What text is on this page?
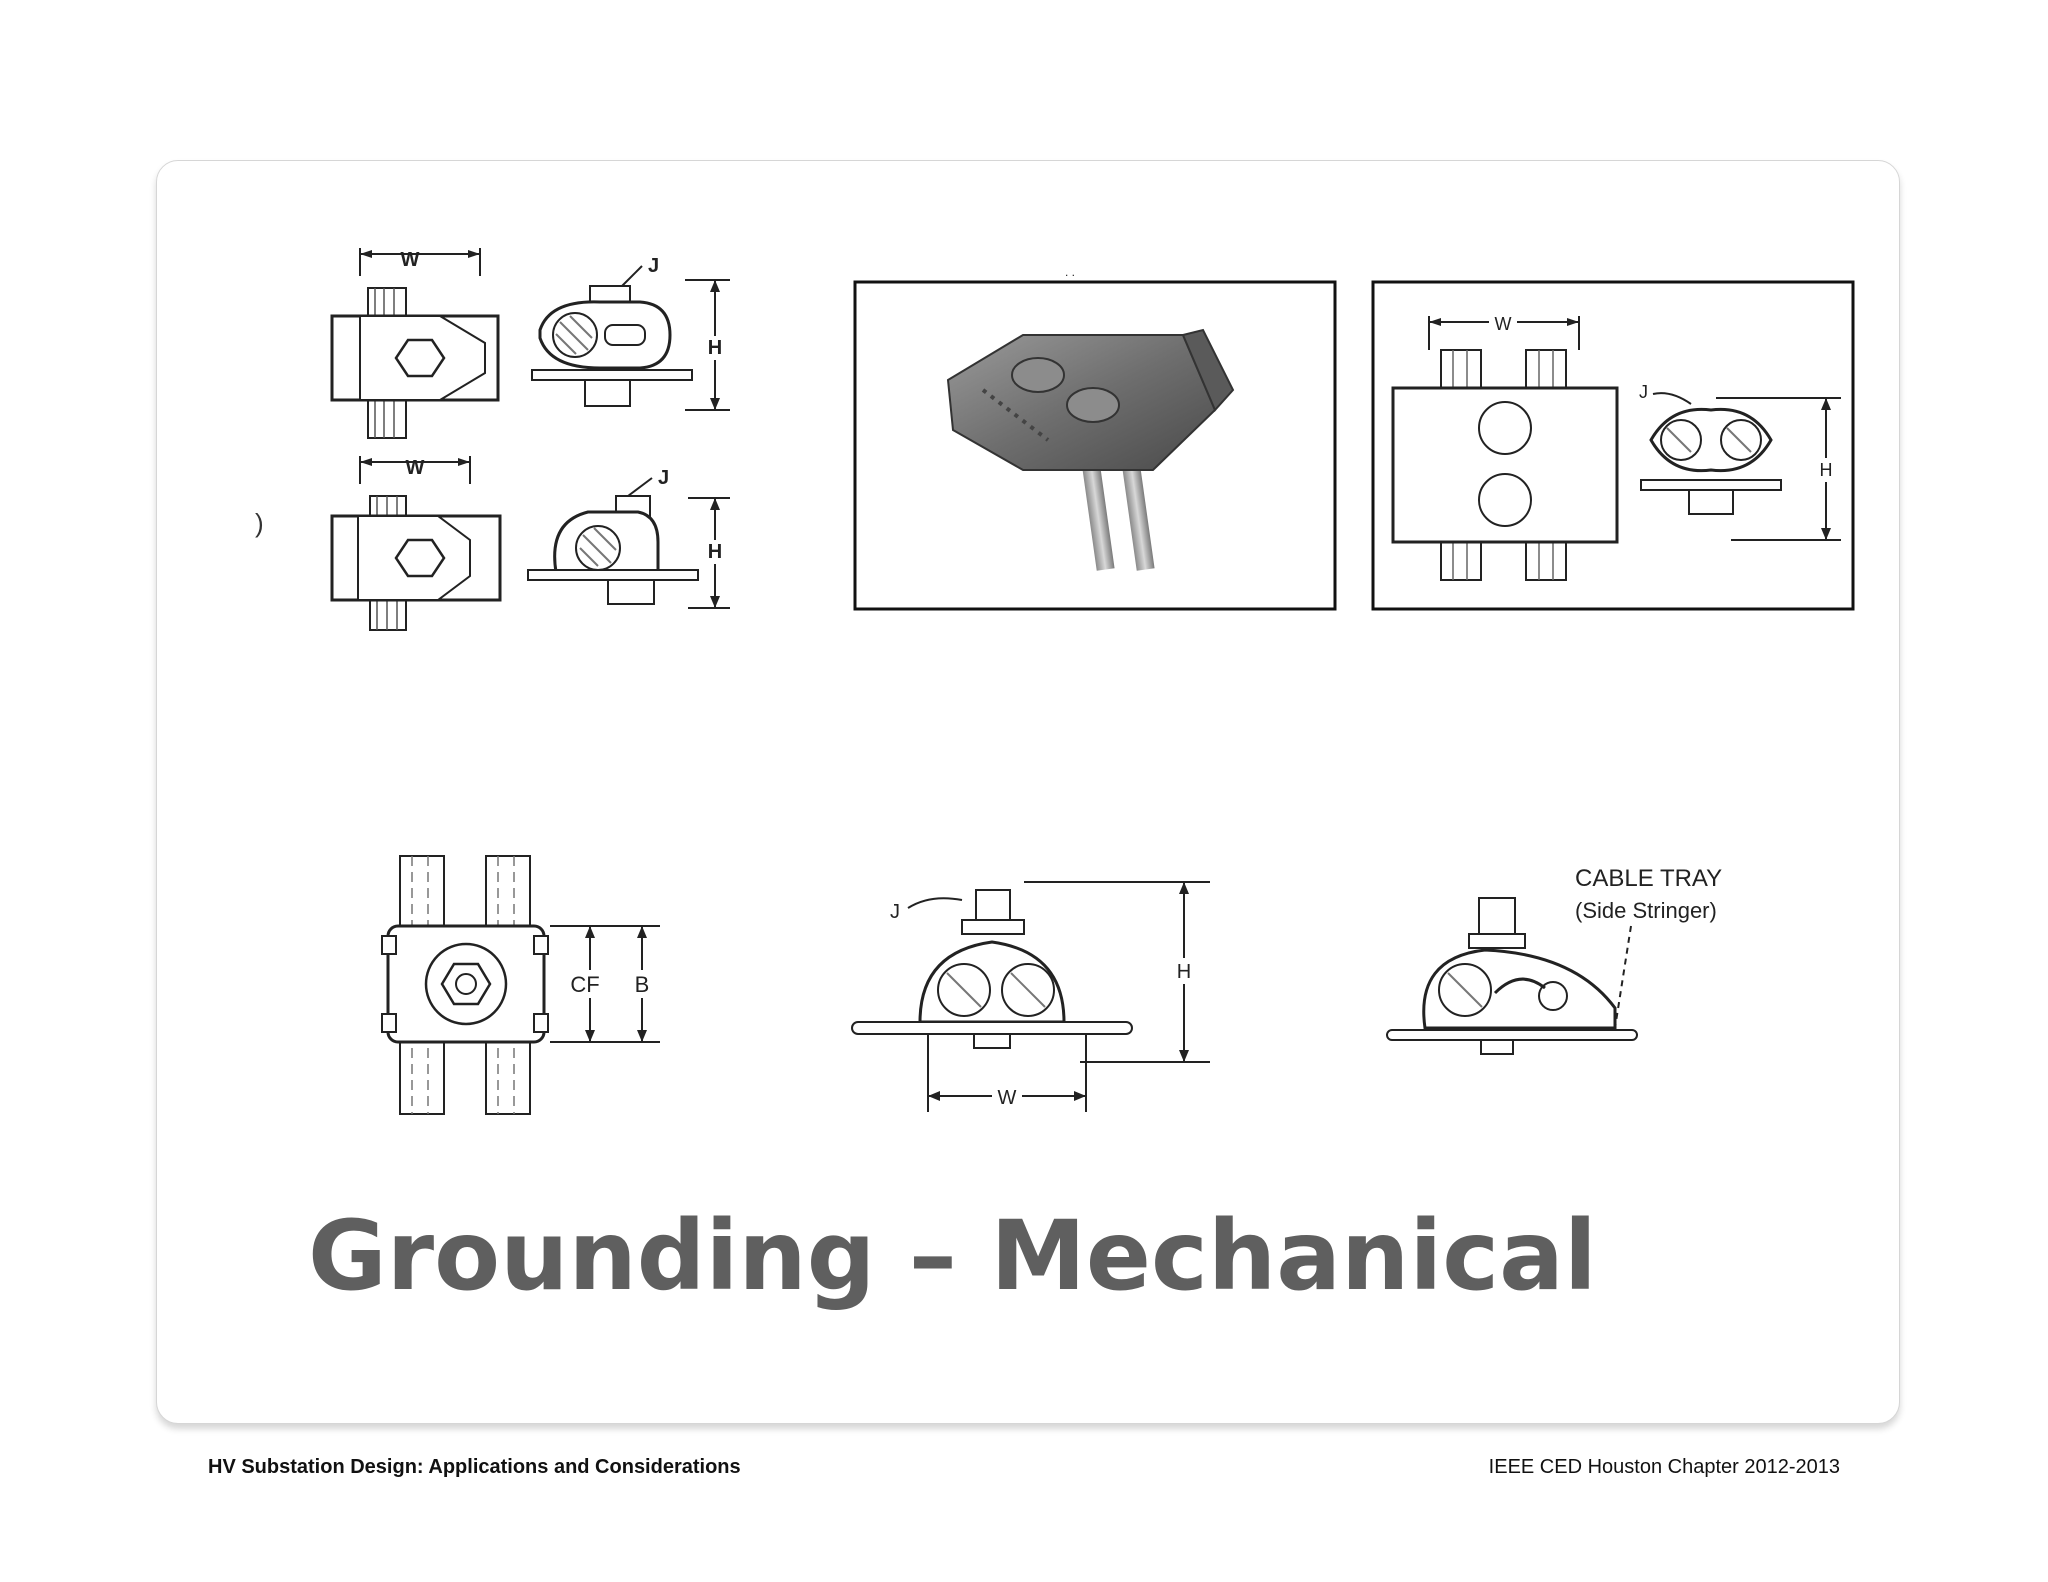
W	J
H
W	J
H
)
. .
W
J
H
CF B
J
H
W
CABLE TRAY
(Side Stringer)
Grounding – Mechanical
HV Substation Design: Applications and Considerations	IEEE CED Houston Chapter 2012-2013
